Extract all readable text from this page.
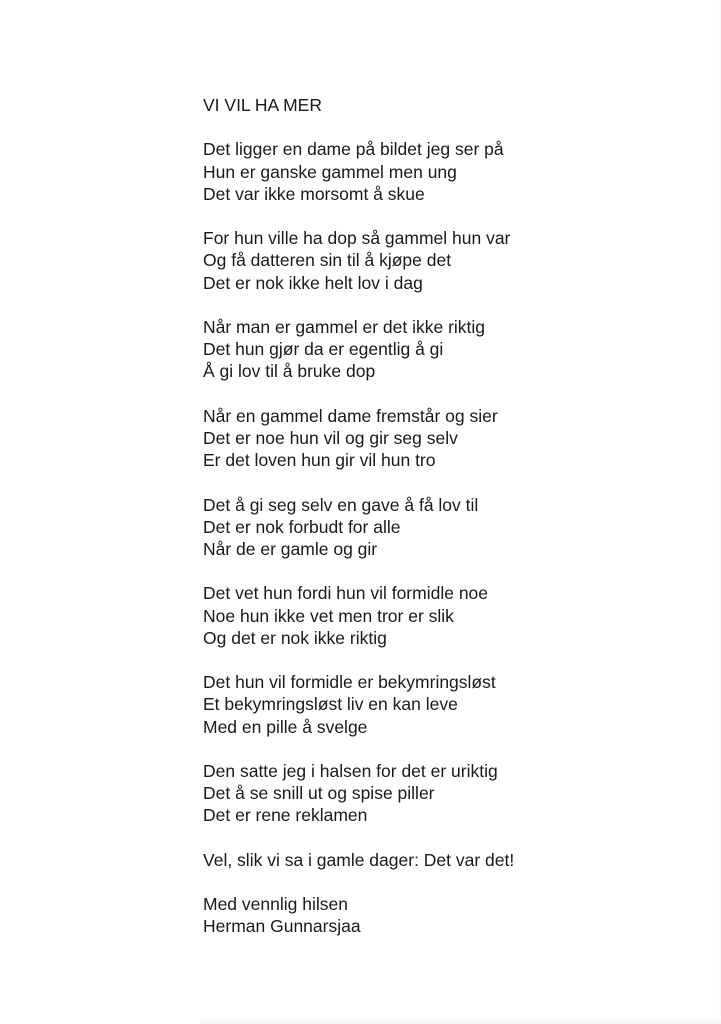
VI VIL HA MER
Det ligger en dame på bildet jeg ser på
Hun er ganske gammel men ung
Det var ikke morsomt å skue
For hun ville ha dop så gammel hun var
Og få datteren sin til å kjøpe det
Det er nok ikke helt lov i dag
Når man er gammel er det ikke riktig
Det hun gjør da er egentlig å gi
Å gi lov til å bruke dop
Når en gammel dame fremstår og sier
Det er noe hun vil og gir seg selv
Er det loven hun gir vil hun tro
Det å gi seg selv en gave å få lov til
Det er nok forbudt for alle
Når de er gamle og gir
Det vet hun fordi hun vil formidle noe
Noe hun ikke vet men tror er slik
Og det er nok ikke riktig
Det hun vil formidle er bekymringsløst
Et bekymringsløst liv en kan leve
Med en pille å svelge
Den satte jeg i halsen for det er uriktig
Det å se snill ut og spise piller
Det er rene reklamen
Vel, slik vi sa i gamle dager: Det var det!
Med vennlig hilsen
Herman Gunnarsjaa
